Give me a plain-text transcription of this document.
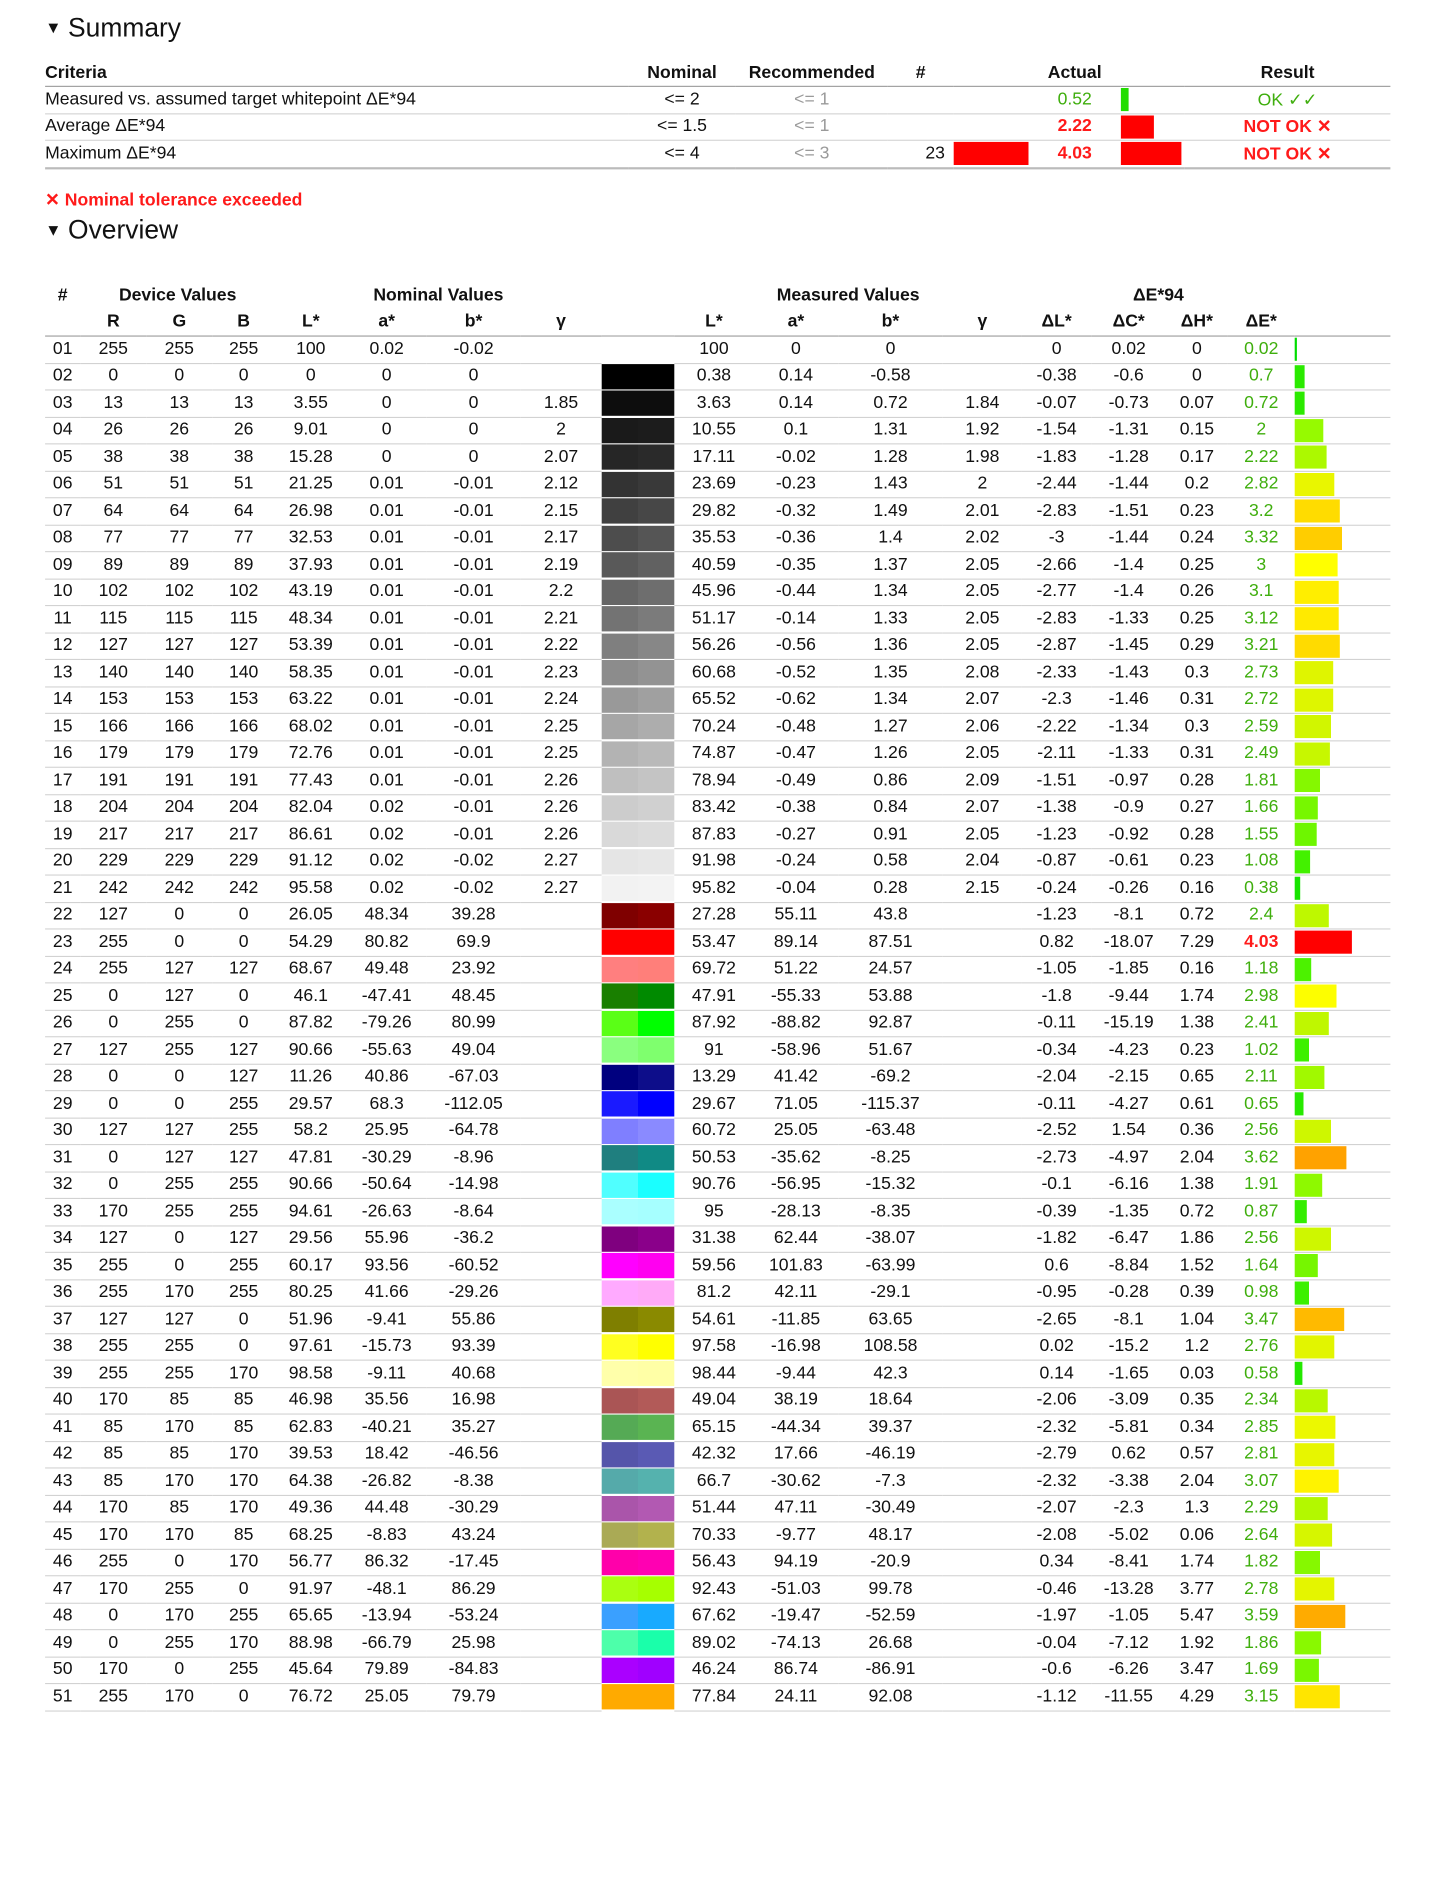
▼ Summary
Criteria	Nominal	Recommended	#		Actual		Result
Measured vs. assumed target whitepoint ΔE*94	<= 2	<= 1			0.52		OK ✓✓
Average ΔE*94	<= 1.5	<= 1			2.22		NOT OK ✕
Maximum ΔE*94	<= 4	<= 3	23		4.03		NOT OK ✕
✕ Nominal tolerance exceeded
▼ Overview
#	Device Values			Nominal Values					Measured Values				ΔE*94				
	R	G	B	L*	a*	b*	γ		L*	a*	b*	γ	ΔL*	ΔC*	ΔH*	ΔE*	
01	255	255	255	100	0.02	-0.02			100	0	0		0	0.02	0	0.02	

02	0	0	0	0	0	0			0.38	0.14	-0.58		-0.38	-0.6	0	0.7	

03	13	13	13	3.55	0	0	1.85		3.63	0.14	0.72	1.84	-0.07	-0.73	0.07	0.72	

04	26	26	26	9.01	0	0	2		10.55	0.1	1.31	1.92	-1.54	-1.31	0.15	2	

05	38	38	38	15.28	0	0	2.07		17.11	-0.02	1.28	1.98	-1.83	-1.28	0.17	2.22	

06	51	51	51	21.25	0.01	-0.01	2.12		23.69	-0.23	1.43	2	-2.44	-1.44	0.2	2.82	

07	64	64	64	26.98	0.01	-0.01	2.15		29.82	-0.32	1.49	2.01	-2.83	-1.51	0.23	3.2	

08	77	77	77	32.53	0.01	-0.01	2.17		35.53	-0.36	1.4	2.02	-3	-1.44	0.24	3.32	

09	89	89	89	37.93	0.01	-0.01	2.19		40.59	-0.35	1.37	2.05	-2.66	-1.4	0.25	3	

10	102	102	102	43.19	0.01	-0.01	2.2		45.96	-0.44	1.34	2.05	-2.77	-1.4	0.26	3.1	

11	115	115	115	48.34	0.01	-0.01	2.21		51.17	-0.14	1.33	2.05	-2.83	-1.33	0.25	3.12	

12	127	127	127	53.39	0.01	-0.01	2.22		56.26	-0.56	1.36	2.05	-2.87	-1.45	0.29	3.21	

13	140	140	140	58.35	0.01	-0.01	2.23		60.68	-0.52	1.35	2.08	-2.33	-1.43	0.3	2.73	

14	153	153	153	63.22	0.01	-0.01	2.24		65.52	-0.62	1.34	2.07	-2.3	-1.46	0.31	2.72	

15	166	166	166	68.02	0.01	-0.01	2.25		70.24	-0.48	1.27	2.06	-2.22	-1.34	0.3	2.59	

16	179	179	179	72.76	0.01	-0.01	2.25		74.87	-0.47	1.26	2.05	-2.11	-1.33	0.31	2.49	

17	191	191	191	77.43	0.01	-0.01	2.26		78.94	-0.49	0.86	2.09	-1.51	-0.97	0.28	1.81	

18	204	204	204	82.04	0.02	-0.01	2.26		83.42	-0.38	0.84	2.07	-1.38	-0.9	0.27	1.66	

19	217	217	217	86.61	0.02	-0.01	2.26		87.83	-0.27	0.91	2.05	-1.23	-0.92	0.28	1.55	

20	229	229	229	91.12	0.02	-0.02	2.27		91.98	-0.24	0.58	2.04	-0.87	-0.61	0.23	1.08	

21	242	242	242	95.58	0.02	-0.02	2.27		95.82	-0.04	0.28	2.15	-0.24	-0.26	0.16	0.38	

22	127	0	0	26.05	48.34	39.28			27.28	55.11	43.8		-1.23	-8.1	0.72	2.4	

23	255	0	0	54.29	80.82	69.9			53.47	89.14	87.51		0.82	-18.07	7.29	4.03	

24	255	127	127	68.67	49.48	23.92			69.72	51.22	24.57		-1.05	-1.85	0.16	1.18	

25	0	127	0	46.1	-47.41	48.45			47.91	-55.33	53.88		-1.8	-9.44	1.74	2.98	

26	0	255	0	87.82	-79.26	80.99			87.92	-88.82	92.87		-0.11	-15.19	1.38	2.41	

27	127	255	127	90.66	-55.63	49.04			91	-58.96	51.67		-0.34	-4.23	0.23	1.02	

28	0	0	127	11.26	40.86	-67.03			13.29	41.42	-69.2		-2.04	-2.15	0.65	2.11	

29	0	0	255	29.57	68.3	-112.05			29.67	71.05	-115.37		-0.11	-4.27	0.61	0.65	

30	127	127	255	58.2	25.95	-64.78			60.72	25.05	-63.48		-2.52	1.54	0.36	2.56	

31	0	127	127	47.81	-30.29	-8.96			50.53	-35.62	-8.25		-2.73	-4.97	2.04	3.62	

32	0	255	255	90.66	-50.64	-14.98			90.76	-56.95	-15.32		-0.1	-6.16	1.38	1.91	

33	170	255	255	94.61	-26.63	-8.64			95	-28.13	-8.35		-0.39	-1.35	0.72	0.87	

34	127	0	127	29.56	55.96	-36.2			31.38	62.44	-38.07		-1.82	-6.47	1.86	2.56	

35	255	0	255	60.17	93.56	-60.52			59.56	101.83	-63.99		0.6	-8.84	1.52	1.64	

36	255	170	255	80.25	41.66	-29.26			81.2	42.11	-29.1		-0.95	-0.28	0.39	0.98	

37	127	127	0	51.96	-9.41	55.86			54.61	-11.85	63.65		-2.65	-8.1	1.04	3.47	

38	255	255	0	97.61	-15.73	93.39			97.58	-16.98	108.58		0.02	-15.2	1.2	2.76	

39	255	255	170	98.58	-9.11	40.68			98.44	-9.44	42.3		0.14	-1.65	0.03	0.58	

40	170	85	85	46.98	35.56	16.98			49.04	38.19	18.64		-2.06	-3.09	0.35	2.34	

41	85	170	85	62.83	-40.21	35.27			65.15	-44.34	39.37		-2.32	-5.81	0.34	2.85	

42	85	85	170	39.53	18.42	-46.56			42.32	17.66	-46.19		-2.79	0.62	0.57	2.81	

43	85	170	170	64.38	-26.82	-8.38			66.7	-30.62	-7.3		-2.32	-3.38	2.04	3.07	

44	170	85	170	49.36	44.48	-30.29			51.44	47.11	-30.49		-2.07	-2.3	1.3	2.29	

45	170	170	85	68.25	-8.83	43.24			70.33	-9.77	48.17		-2.08	-5.02	0.06	2.64	

46	255	0	170	56.77	86.32	-17.45			56.43	94.19	-20.9		0.34	-8.41	1.74	1.82	

47	170	255	0	91.97	-48.1	86.29			92.43	-51.03	99.78		-0.46	-13.28	3.77	2.78	

48	0	170	255	65.65	-13.94	-53.24			67.62	-19.47	-52.59		-1.97	-1.05	5.47	3.59	

49	0	255	170	88.98	-66.79	25.98			89.02	-74.13	26.68		-0.04	-7.12	1.92	1.86	

50	170	0	255	45.64	79.89	-84.83			46.24	86.74	-86.91		-0.6	-6.26	3.47	1.69	

51	255	170	0	76.72	25.05	79.79			77.84	24.11	92.08		-1.12	-11.55	4.29	3.15	
